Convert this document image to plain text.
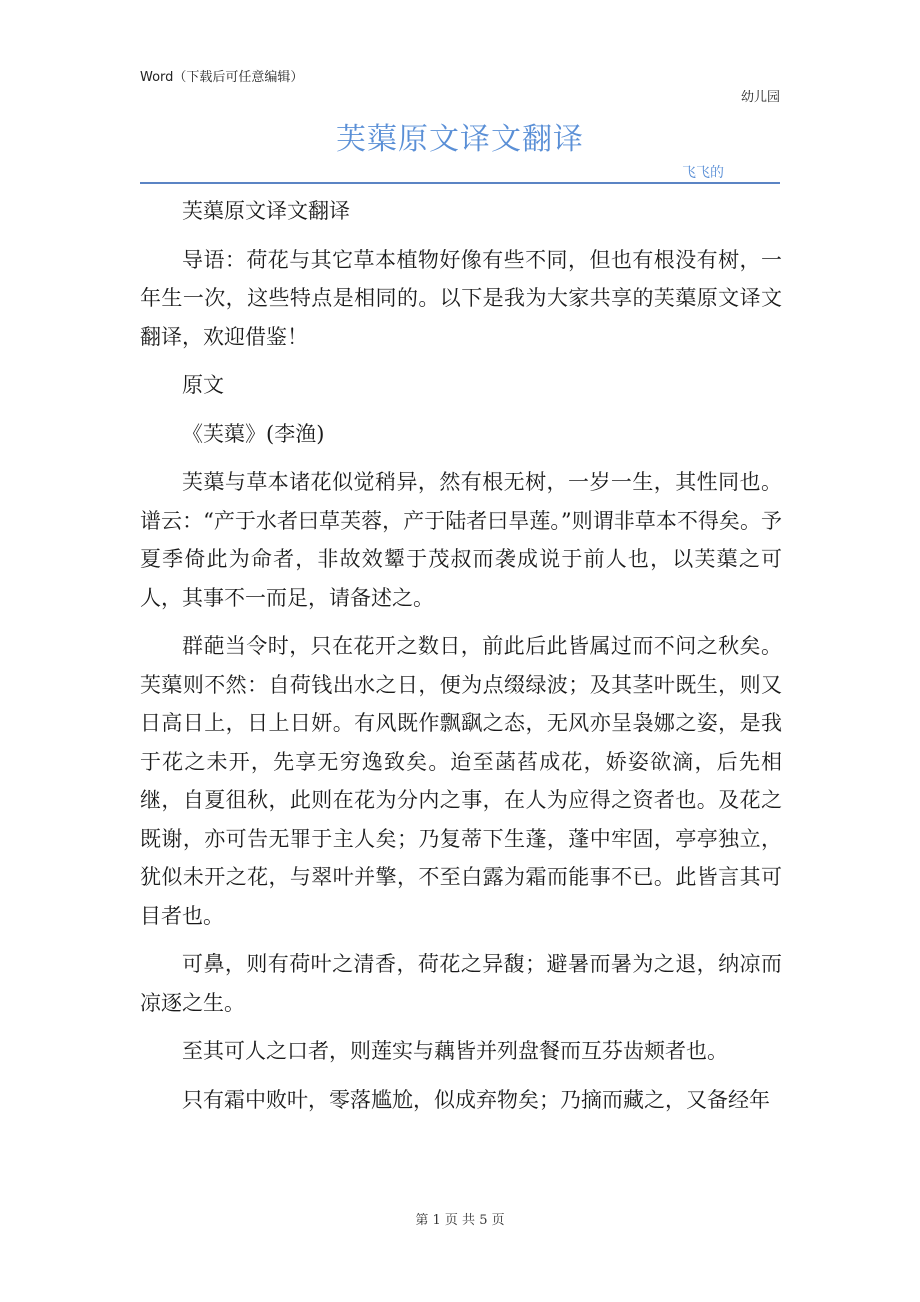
Word（下载后可任意编辑）
幼儿园
芙蕖原文译文翻译
飞飞的

芙蕖原文译文翻译

导语：荷花与其它草本植物好像有些不同，但也有根没有树，一年生一次，这些特点是相同的。以下是我为大家共享的芙蕖原文译文翻译，欢迎借鉴！

原文

《芙蕖》(李渔)

芙蕖与草本诸花似觉稍异，然有根无树，一岁一生，其性同也。谱云：“产于水者曰草芙蓉，产于陆者曰旱莲。”则谓非草本不得矣。予夏季倚此为命者，非故效颦于茂叔而袭成说于前人也，以芙蕖之可人，其事不一而足，请备述之。

群葩当令时，只在花开之数日，前此后此皆属过而不问之秋矣。芙蕖则不然：自荷钱出水之日，便为点缀绿波；及其茎叶既生，则又日高日上，日上日妍。有风既作飘飖之态，无风亦呈袅娜之姿，是我于花之未开，先享无穷逸致矣。迨至菡萏成花，娇姿欲滴，后先相继，自夏徂秋，此则在花为分内之事，在人为应得之资者也。及花之既谢，亦可告无罪于主人矣；乃复蒂下生蓬，蓬中牢固，亭亭独立，犹似未开之花，与翠叶并擎，不至白露为霜而能事不已。此皆言其可目者也。

可鼻，则有荷叶之清香，荷花之异馥；避暑而暑为之退，纳凉而凉逐之生。

至其可人之口者，则莲实与藕皆并列盘餐而互芬齿颊者也。

只有霜中败叶，零落尴尬，似成弃物矣；乃摘而藏之，又备经年

第 1 页 共 5 页
